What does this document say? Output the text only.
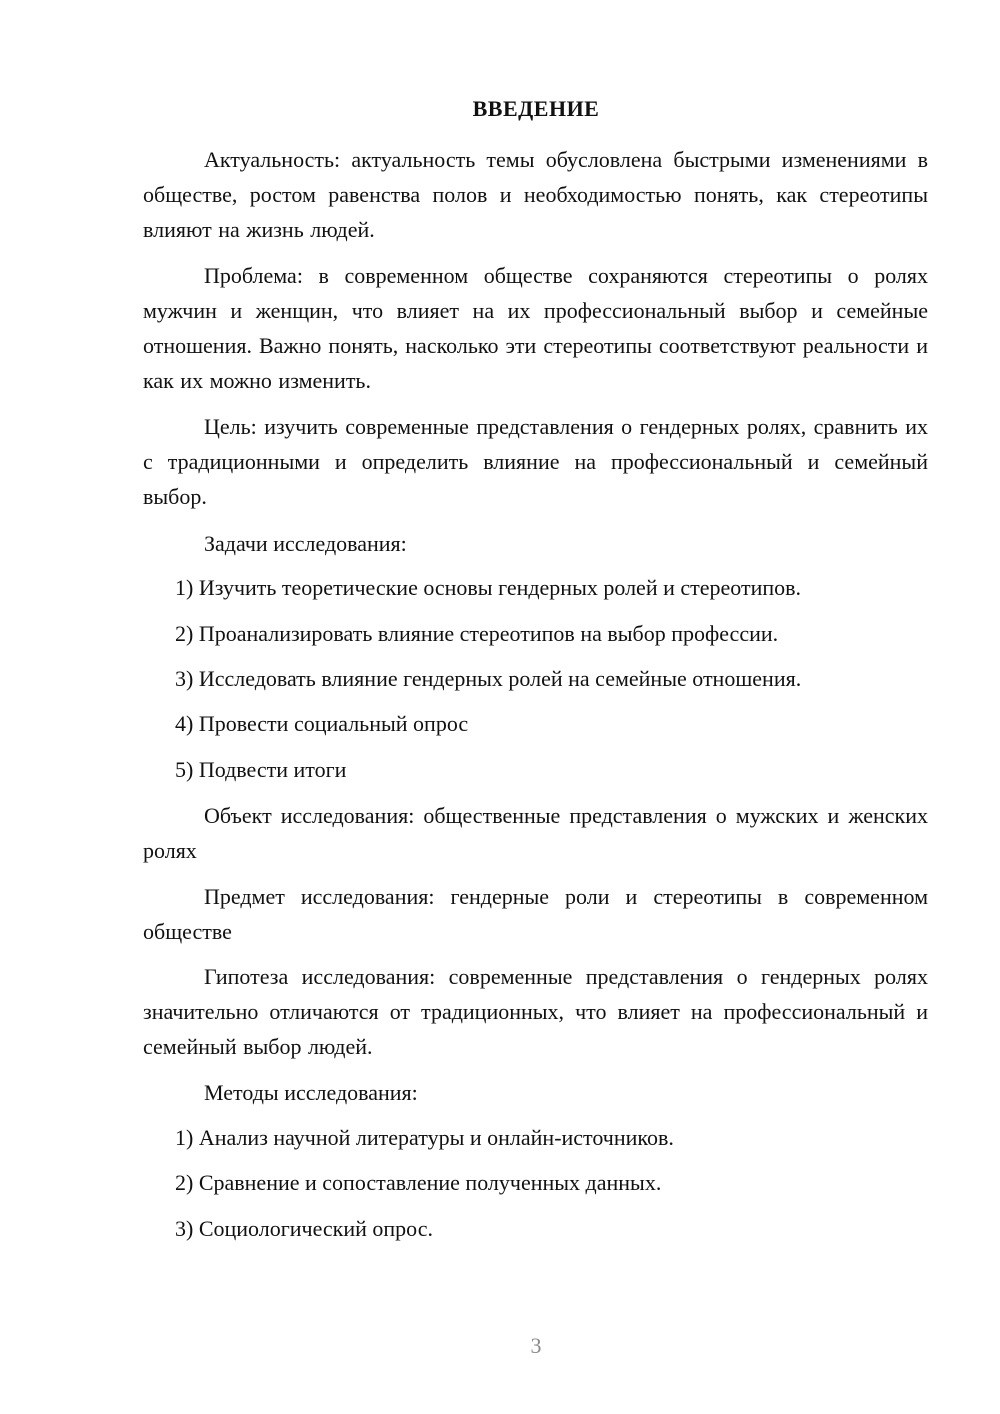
ВВЕДЕНИЕ

Актуальность: актуальность темы обусловлена быстрыми изменениями в обществе, ростом равенства полов и необходимостью понять, как стереотипы влияют на жизнь людей.

Проблема: в современном обществе сохраняются стереотипы о ролях мужчин и женщин, что влияет на их профессиональный выбор и семейные отношения. Важно понять, насколько эти стереотипы соответствуют реальности и как их можно изменить.

Цель: изучить современные представления о гендерных ролях, сравнить их с традиционными и определить влияние на профессиональный и семейный выбор.

Задачи исследования:

1) Изучить теоретические основы гендерных ролей и стереотипов.

2) Проанализировать влияние стереотипов на выбор профессии.

3) Исследовать влияние гендерных ролей на семейные отношения.

4) Провести социальный опрос

5) Подвести итоги

Объект исследования: общественные представления о мужских и женских ролях

Предмет исследования: гендерные роли и стереотипы в современном обществе

Гипотеза исследования: современные представления о гендерных ролях значительно отличаются от традиционных, что влияет на профессиональный и семейный выбор людей.

Методы исследования:

1) Анализ научной литературы и онлайн-источников.

2) Сравнение и сопоставление полученных данных.

3) Социологический опрос.

3
